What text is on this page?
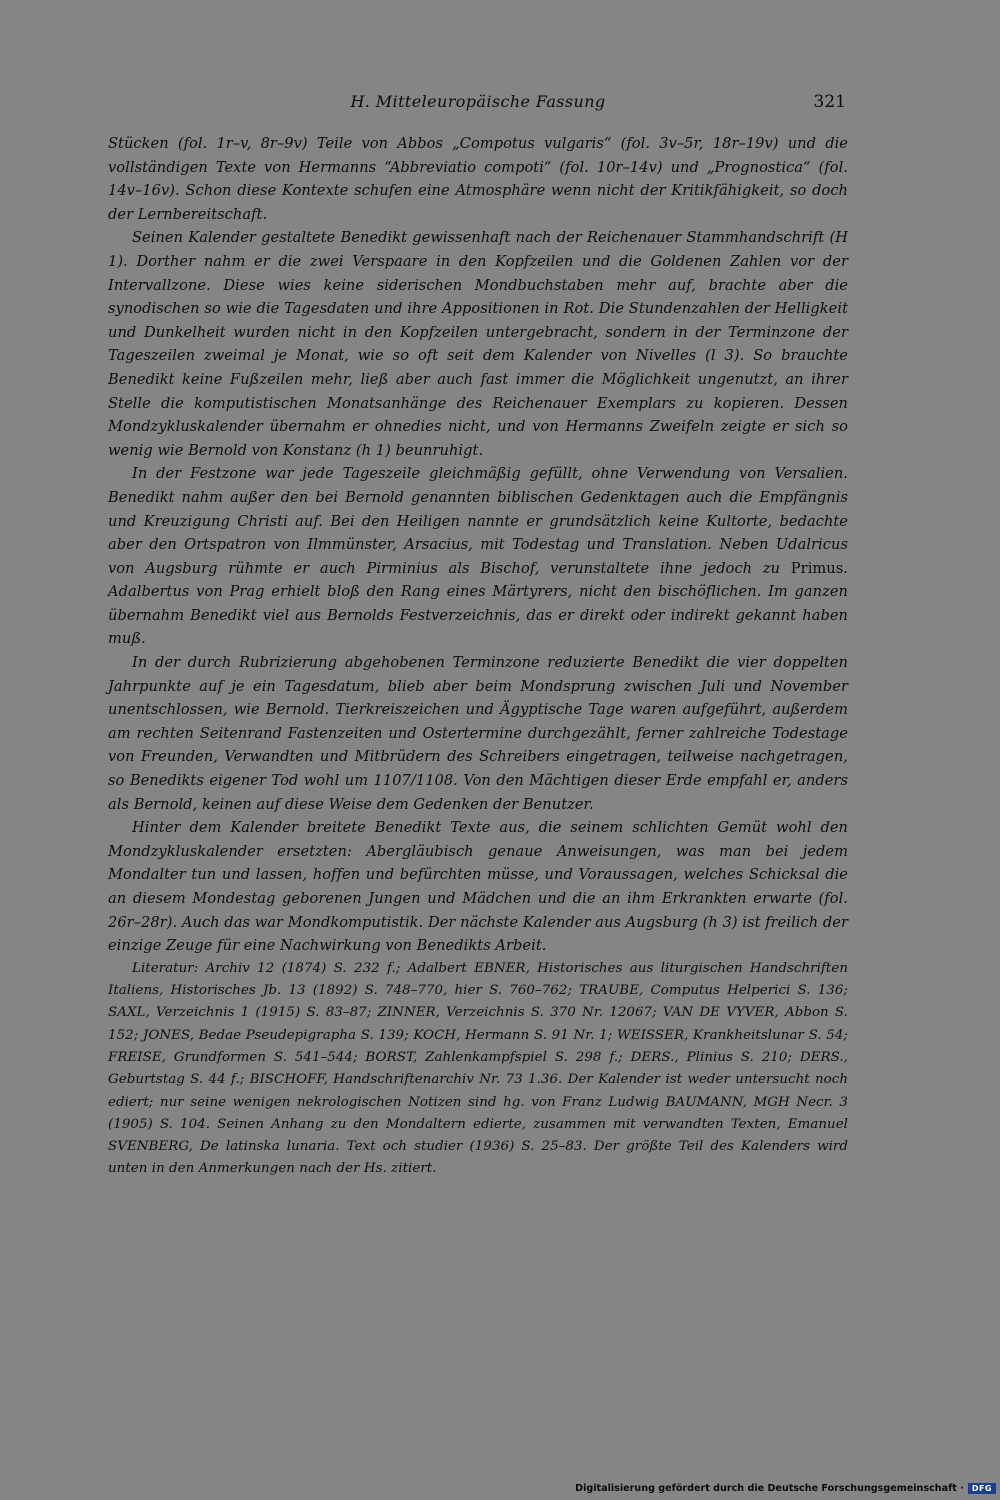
H. Mitteleuropäische Fassung	321

Stücken (fol. 1r–v, 8r–9v) Teile von Abbos „Compotus vulgaris“ (fol. 3v–5r, 18r–19v) und die vollständigen Texte von Hermanns “Abbreviatio compoti“ (fol. 10r–14v) und „Prognostica“ (fol. 14v–16v). Schon diese Kontexte schufen eine Atmosphäre wenn nicht der Kritikfähigkeit, so doch der Lernbereitschaft.

Seinen Kalender gestaltete Benedikt gewissenhaft nach der Reichenauer Stammhandschrift (H 1). Dorther nahm er die zwei Verspaare in den Kopfzeilen und die Goldenen Zahlen vor der Intervallzone. Diese wies keine siderischen Mondbuchstaben mehr auf, brachte aber die synodischen so wie die Tagesdaten und ihre Appositionen in Rot. Die Stundenzahlen der Helligkeit und Dunkelheit wurden nicht in den Kopfzeilen untergebracht, sondern in der Terminzone der Tageszeilen zweimal je Monat, wie so oft seit dem Kalender von Nivelles (l 3). So brauchte Benedikt keine Fußzeilen mehr, ließ aber auch fast immer die Möglichkeit ungenutzt, an ihrer Stelle die komputistischen Monatsanhänge des Reichenauer Exemplars zu kopieren. Dessen Mondzykluskalender übernahm er ohnedies nicht, und von Hermanns Zweifeln zeigte er sich so wenig wie Bernold von Konstanz (h 1) beunruhigt.

In der Festzone war jede Tageszeile gleichmäßig gefüllt, ohne Verwendung von Versalien. Benedikt nahm außer den bei Bernold genannten biblischen Gedenktagen auch die Empfängnis und Kreuzigung Christi auf. Bei den Heiligen nannte er grundsätzlich keine Kultorte, bedachte aber den Ortspatron von Ilmmünster, Arsacius, mit Todestag und Translation. Neben Udalricus von Augsburg rühmte er auch Pirminius als Bischof, verunstaltete ihne jedoch zu Primus. Adalbertus von Prag erhielt bloß den Rang eines Märtyrers, nicht den bischöflichen. Im ganzen übernahm Benedikt viel aus Bernolds Festverzeichnis, das er direkt oder indirekt gekannt haben muß.

In der durch Rubrizierung abgehobenen Terminzone reduzierte Benedikt die vier doppelten Jahrpunkte auf je ein Tagesdatum, blieb aber beim Mondsprung zwischen Juli und November unentschlossen, wie Bernold. Tierkreiszeichen und Ägyptische Tage waren aufgeführt, außerdem am rechten Seitenrand Fastenzeiten und Ostertermine durchgezählt, ferner zahlreiche Todestage von Freunden, Verwandten und Mitbrüdern des Schreibers eingetragen, teilweise nachgetragen, so Benedikts eigener Tod wohl um 1107/1108. Von den Mächtigen dieser Erde empfahl er, anders als Bernold, keinen auf diese Weise dem Gedenken der Benutzer.

Hinter dem Kalender breitete Benedikt Texte aus, die seinem schlichten Gemüt wohl den Mondzykluskalender ersetzten: Abergläubisch genaue Anweisungen, was man bei jedem Mondalter tun und lassen, hoffen und befürchten müsse, und Voraussagen, welches Schicksal die an diesem Mondestag geborenen Jungen und Mädchen und die an ihm Erkrankten erwarte (fol. 26r–28r). Auch das war Mondkomputistik. Der nächste Kalender aus Augsburg (h 3) ist freilich der einzige Zeuge für eine Nachwirkung von Benedikts Arbeit.

Literatur: Archiv 12 (1874) S. 232 f.; Adalbert EBNER, Historisches aus liturgischen Handschriften Italiens, Historisches Jb. 13 (1892) S. 748–770, hier S. 760–762; TRAUBE, Computus Helperici S. 136; SAXL, Verzeichnis 1 (1915) S. 83–87; ZINNER, Verzeichnis S. 370 Nr. 12067; VAN DE VYVER, Abbon S. 152; JONES, Bedae Pseudepigrapha S. 139; KOCH, Hermann S. 91 Nr. 1; WEISSER, Krankheitslunar S. 54; FREISE, Grundformen S. 541–544; BORST, Zahlenkampfspiel S. 298 f.; DERS., Plinius S. 210; DERS., Geburtstag S. 44 f.; BISCHOFF, Handschriftenarchiv Nr. 73 1.36. Der Kalender ist weder untersucht noch ediert; nur seine wenigen nekrologischen Notizen sind hg. von Franz Ludwig BAUMANN, MGH Necr. 3 (1905) S. 104. Seinen Anhang zu den Mondaltern edierte, zusammen mit verwandten Texten, Emanuel SVENBERG, De latinska lunaria. Text och studier (1936) S. 25–83. Der größte Teil des Kalenders wird unten in den Anmerkungen nach der Hs. zitiert.

Digitalisierung gefördert durch die Deutsche Forschungsgemeinschaft ·	DFG
